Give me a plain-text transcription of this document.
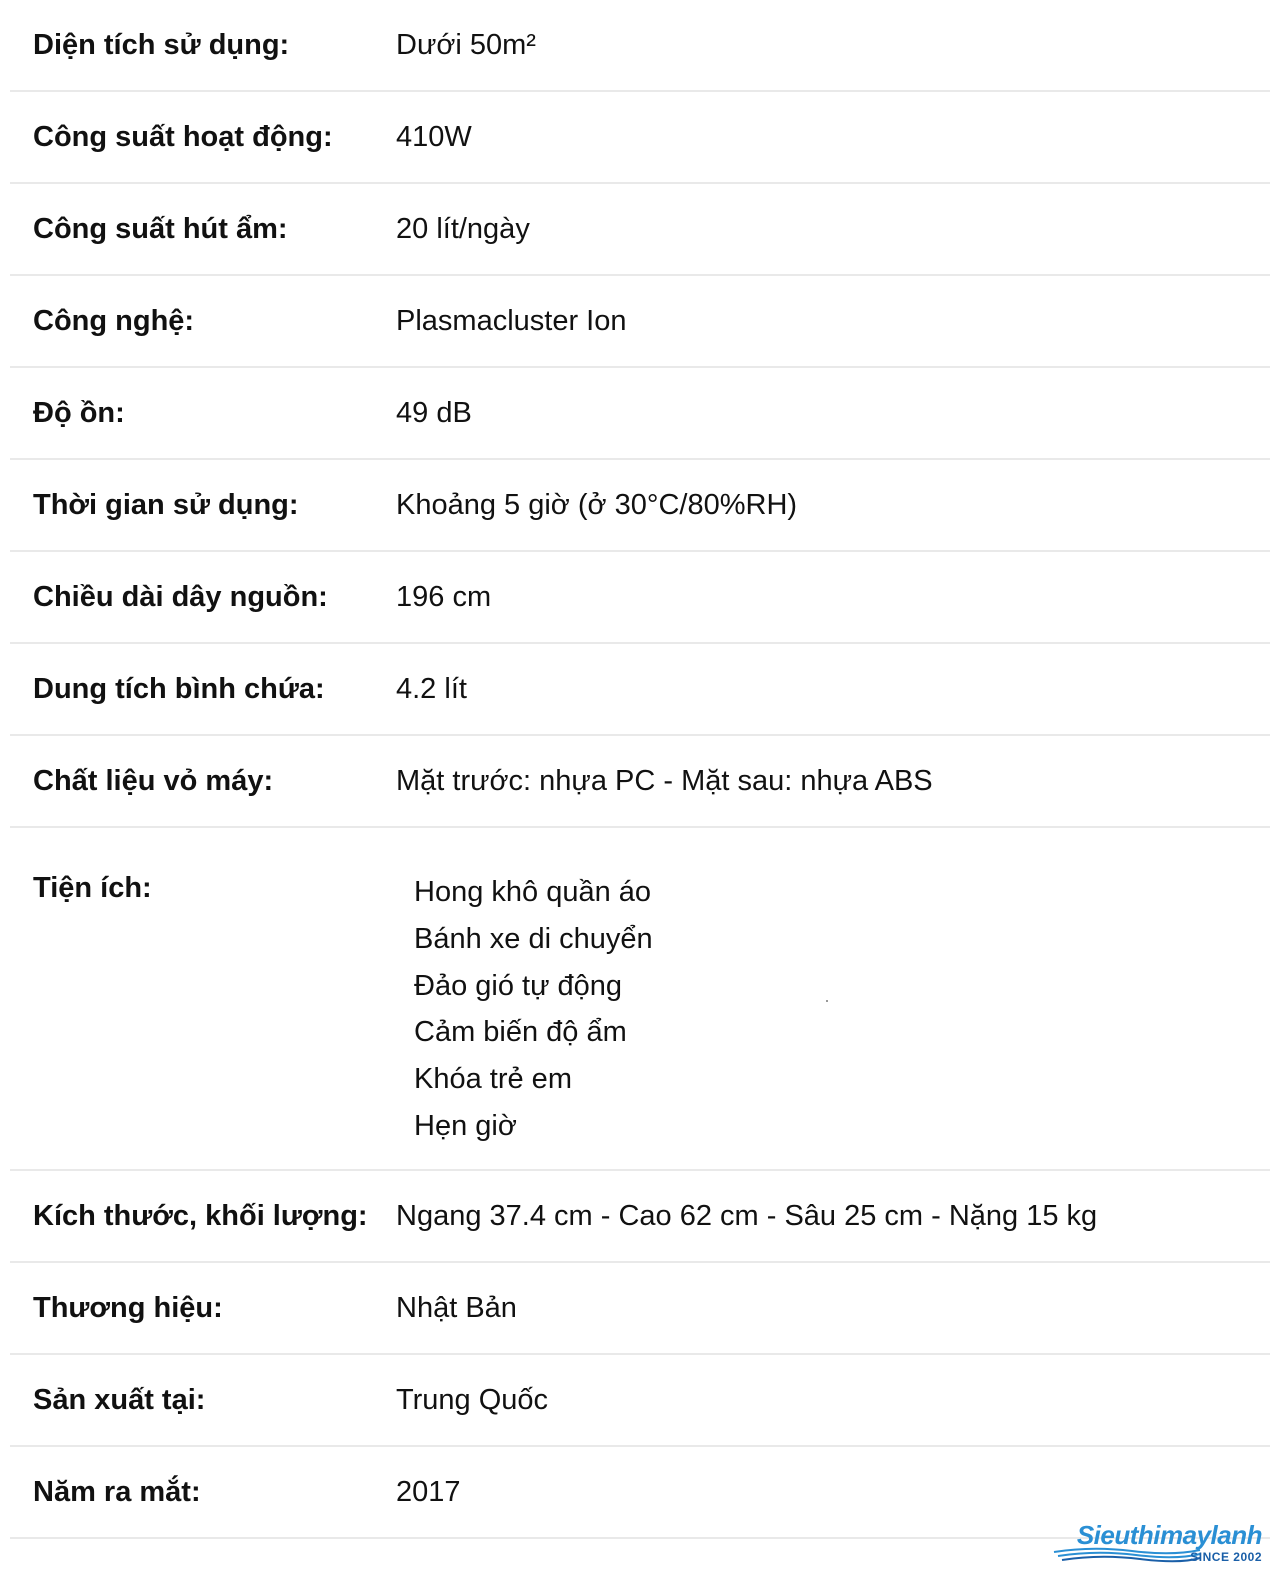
Diện tích sử dụng:	Dưới 50m²
Công suất hoạt động:	410W
Công suất hút ẩm:	20 lít/ngày
Công nghệ:	Plasmacluster Ion
Độ ồn:	49 dB
Thời gian sử dụng:	Khoảng 5 giờ (ở 30°C/80%RH)
Chiều dài dây nguồn:	196 cm
Dung tích bình chứa:	4.2 lít
Chất liệu vỏ máy:	Mặt trước: nhựa PC - Mặt sau: nhựa ABS
Tiện ích:	Hong khô quần áo
Bánh xe di chuyển
Đảo gió tự động
Cảm biến độ ẩm
Khóa trẻ em
Hẹn giờ
Kích thước, khối lượng: Ngang 37.4 cm - Cao 62 cm - Sâu 25 cm - Nặng 15 kg
Thương hiệu:	Nhật Bản
Sản xuất tại:	Trung Quốc
Năm ra mắt:	2017
Sieuthimaylanh
SINCE 2002
